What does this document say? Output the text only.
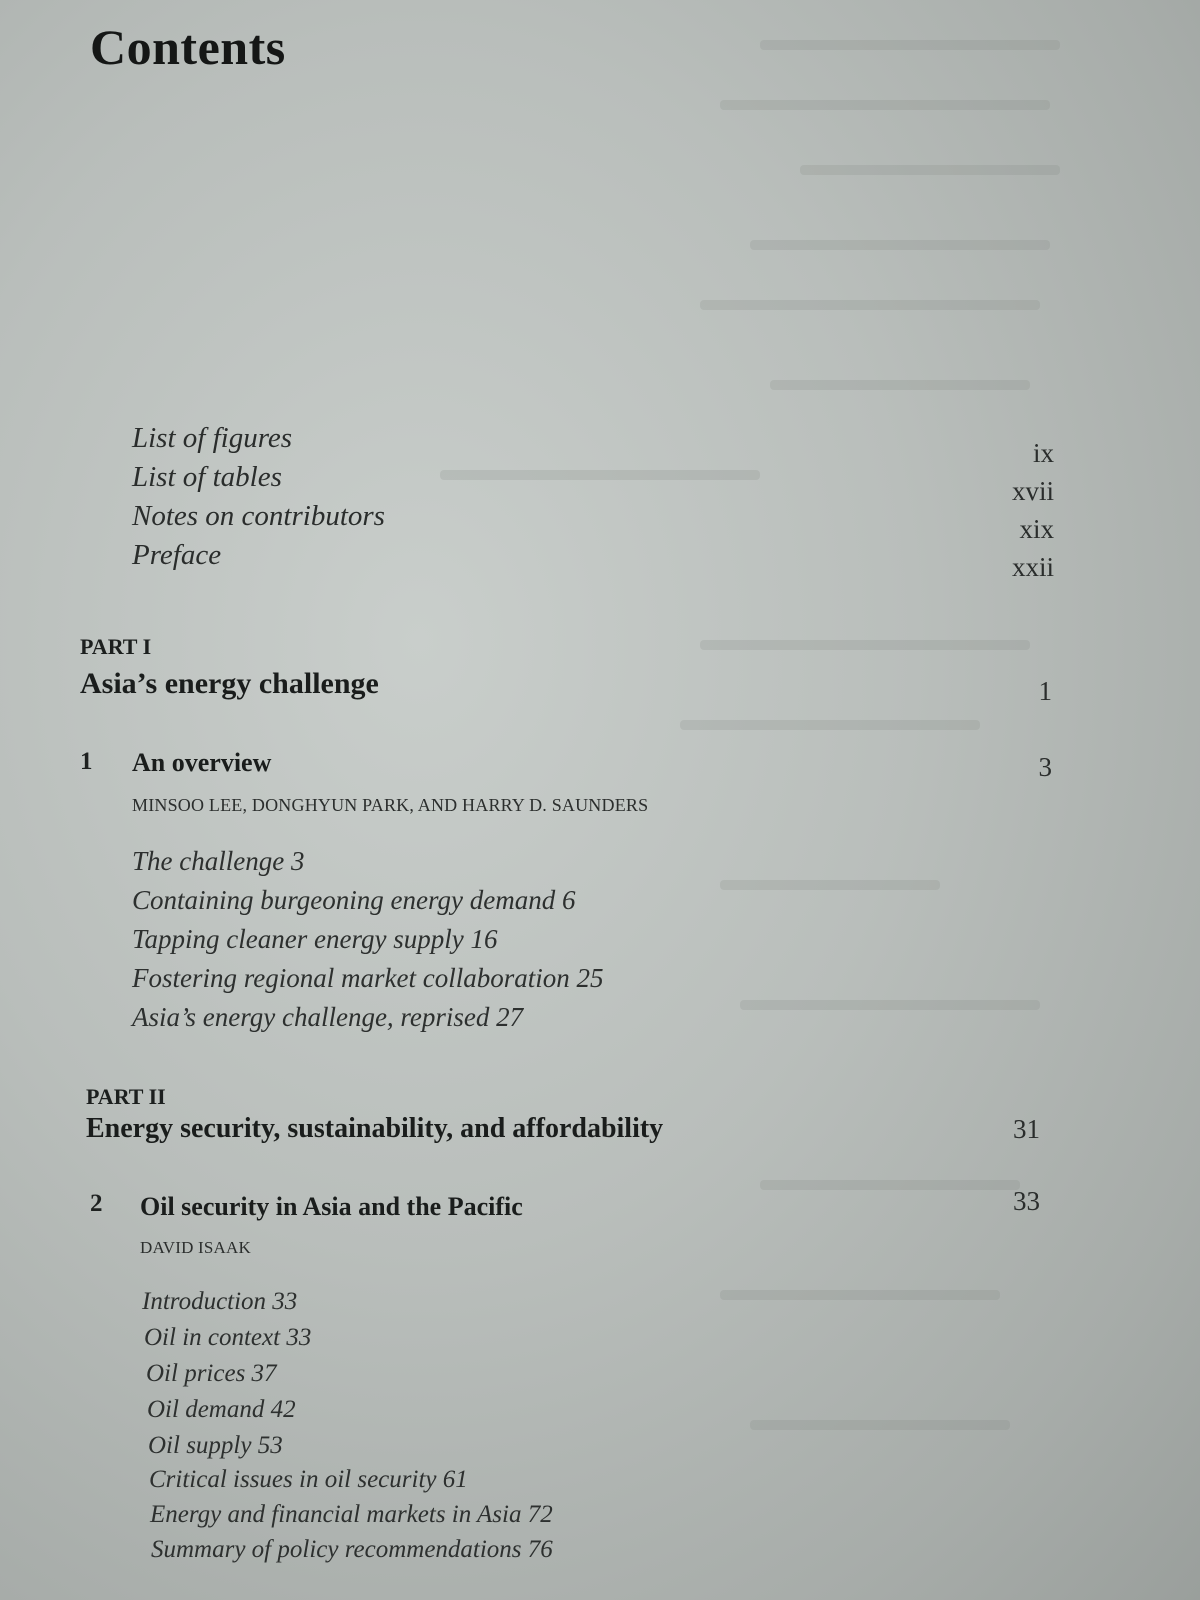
Contents
List of figures	ix
List of tables	xvii
Notes on contributors	xix
Preface	xxii
PART I
Asia’s energy challenge	1
1 An overview	3
MINSOO LEE, DONGHYUN PARK, AND HARRY D. SAUNDERS
The challenge 3
Containing burgeoning energy demand 6
Tapping cleaner energy supply 16
Fostering regional market collaboration 25
Asia’s energy challenge, reprised 27
PART II
Energy security, sustainability, and affordability	31
2 Oil security in Asia and the Pacific	33
DAVID ISAAK
Introduction 33
Oil in context 33
Oil prices 37
Oil demand 42
Oil supply 53
Critical issues in oil security 61
Energy and financial markets in Asia 72
Summary of policy recommendations 76
